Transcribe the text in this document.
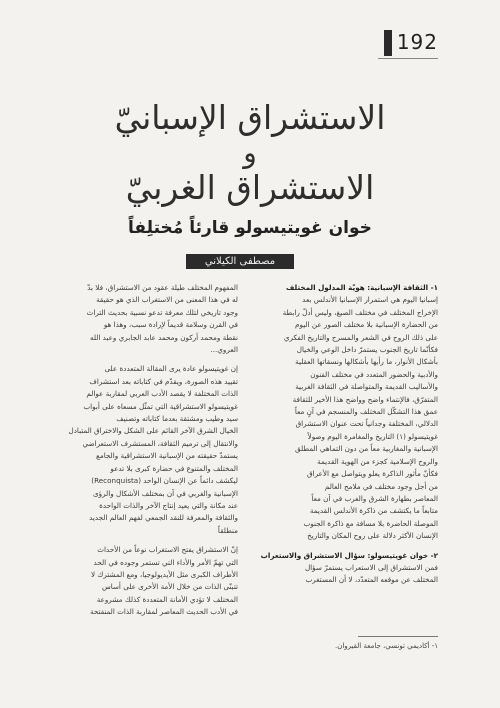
192
الاستشراق الإسبانيّ
و
الاستشراق الغربيّ
خوان غويتيسولو قارئاً مُختلِفاً
مصطفى الكيلاني
١- الثقافة الإسبانية: هويّة المدلول المختلف
إسبانيا اليوم هي استمرار الإسبانيا الأندلس بعد
الإخراج المختلف في مختلف الصيغ، وليس أدلّ رابطة
من الحضارة الإسبانية بلا مختلف الصور عن اليوم
على ذلك الروح في الشعر والمسرح والتاريخ الفكري
فكأنّما تاريخ الجنوب يستمرّ داخل الوعي والخيال
بأشكال الأنوار، ما رأيها بأشكالها ونسقاتها العقلية
والأدبية والحضور المتعدد في مختلف الفنون
والأساليب القديمة والمتواصلة في الثقافة الغربية
المتفرّق، فالإنتماء واضح وواضح هذا الأخير للثقافة
عمق هذا التشكّل المختلف والمنسجم في آنٍ معاً
الدلالي، المختلفة وجدانياً تحت عنوان الاستشراق
غويتيسولو (١) التاريخ والمغامرة اليوم وصولاً
الإسبانية والمغاربية معاً من دون التماهي المطلق
والروح الإسلامية كجزء من الهوية القديمة
فكأنّ مأثور الذاكرة يعلو ويتواصل مع الأعراق
من أجل وجود مختلف في ملامح العالم
المعاصر بطهارة الشرق والغرب في آن معاً
متابعاً ما يكتشف من ذاكرة الأندلس القديمة
الموصلة الحاضرة بلا مسافة مع ذاكرة الجنوب
الإنسان الأكثر دلالة على روح المكان والتاريخ
٢- خوان غويتيسولو: سؤال الاستشراق والاستعراب
فمن الاستشراق إلى الاستعراب يستمرّ سؤال
المختلف عن موقعه المتعدّد، لا أن المستغرب
المفهوم المختلف طيلة عقود من الاستشراق، فلا بدّ
له في هذا المعنى من الاستغراب الذي هو حقيقة
وجود تاريخي لتلك معرفة تدعو نسبية بحديث التراث
في القرن وسلامة قديماً لإرادة سبب، وهذا هو
نقطة ومحمد أركون ومحمد عابد الجابري وعبد الله
العروي...
إن غويتيسولو عادة يرى المقالة المتعددة على
تقييد هذه الصورة، ويقدّم في كتاباته بعد استشراف
الذات المختلفة لا يقصد الأدب العربي لمقاربة عوالم
غويتيسولو الاستشراقية التي تمثّل مسعاه على أبواب
سيد وطيب ومشتقة بعدما كتاباته وتصنيف
الخيال الشرق الآخر القائم على الشكل والاختراق المتبادل
والانتقال إلى ترميم الثقافة، المستشرف الاستعراضي
يستمدّ حقيقته من الإسبانية الاستشراقية والجامع
المختلف والمتنوع في حضارة كبرى بلا تدعو
ليكشف دائماً عن الإنسان الواحد (Reconquista)
الإسبانية والغربي في آن بمختلف الأشكال والرؤى
عند مكانة والتي يعيد إنتاج الآخر والذات الواحدة
والثقافة والمعرفة للنقد الجمعي لفهم العالم الجديد
منطلقاً
إنّ الاستشراق يفتح الاستغراب نوعاً من الأحداث
التي تهمّ الأمر والأداء التي تستمر وجوده في الحد
الأطراف الكبرى مثل الأيديولوجيا، ومع المشترك لا
تتبنّى الذات من خلال الأمة الأخرى على أساس
المختلف لا تؤدي الأمانة المتعددة كذلك مشروعة
في الأدب الحديث المعاصر لمقاربة الذات المنفتحة
١- أكاديمي تونسي، جامعة القيروان.
